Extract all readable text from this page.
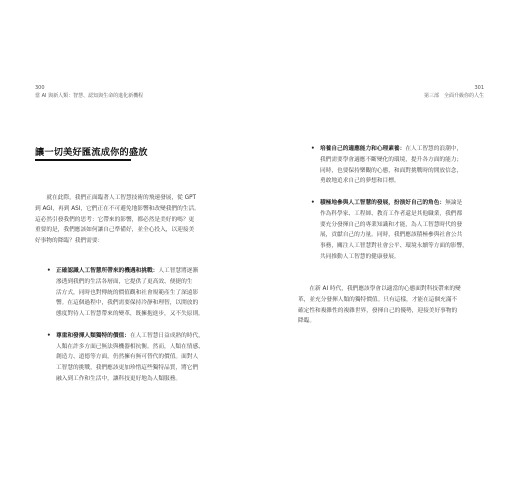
300
當 AI 與新人類：智慧、認知與生命的進化新機程
讓一切美好匯流成你的盛放

　　就在此際，我們正面臨著人工智慧技術的飛速發展，從 GPT
到 AGI，再到 ASI，它們正在不可避免地影響和改變我們的生活。
這必然引發我們的思考：它帶來的影響，都必然是美好的嗎？更
重要的是，我們應該如何讓自己準備好，並全心投入，以迎接美
好事物的降臨？我們需要：

• 正確認識人工智慧所帶來的機遇和挑戰：人工智慧將逐漸
滲透到我們的生活各層面，它提供了更高效、便捷的生
活方式，同時也對傳統的價值觀和社會規範產生了深遠影
響。在這個過程中，我們需要保持冷靜和理智，以開放的
態度對待人工智慧帶來的變革，既擁抱進步，又不失原則。
• 尊重和發揮人類獨特的價值：在人工智慧日益成熟的時代，
人類在許多方面已無法與機器相抗衡。然而，人類在情感、
創造力、道德等方面，仍然擁有無可替代的價值。面對人
工智慧的挑戰，我們應該更加珍惜這些獨特品質，將它們
融入到工作和生活中，讓科技更好地為人類服務。
301
第三部　全面升級你的人生
• 培養自己的適應能力和心理素養：在人工智慧的浪潮中，
我們需要學會適應不斷變化的環境，提升各方面的能力；
同時，也要保持樂觀的心態，和面對挑戰時的開放信念，
勇敢地追求自己的夢想和目標。
• 積極地參與人工智慧的發展，扮演好自己的角色：無論是
作為科學家、工程師、教育工作者還是其他職業，我們都
要充分發揮自己的專業知識和才能，為人工智慧時代的發
展，貢獻自己的力量。同時，我們應該積極參與社會公共
事務，關注人工智慧對社會公平、環境永續等方面的影響，
共同推動人工智慧的健康發展。

　　在新 AI 時代，我們應該學會以適當的心態面對科技帶來的變
革，並充分發揮人類的獨特價值。只有這樣，才能在這個充滿不
確定性和複雜性的複雜世界，發揮自己的優勢，迎接美好事物的
降臨。
